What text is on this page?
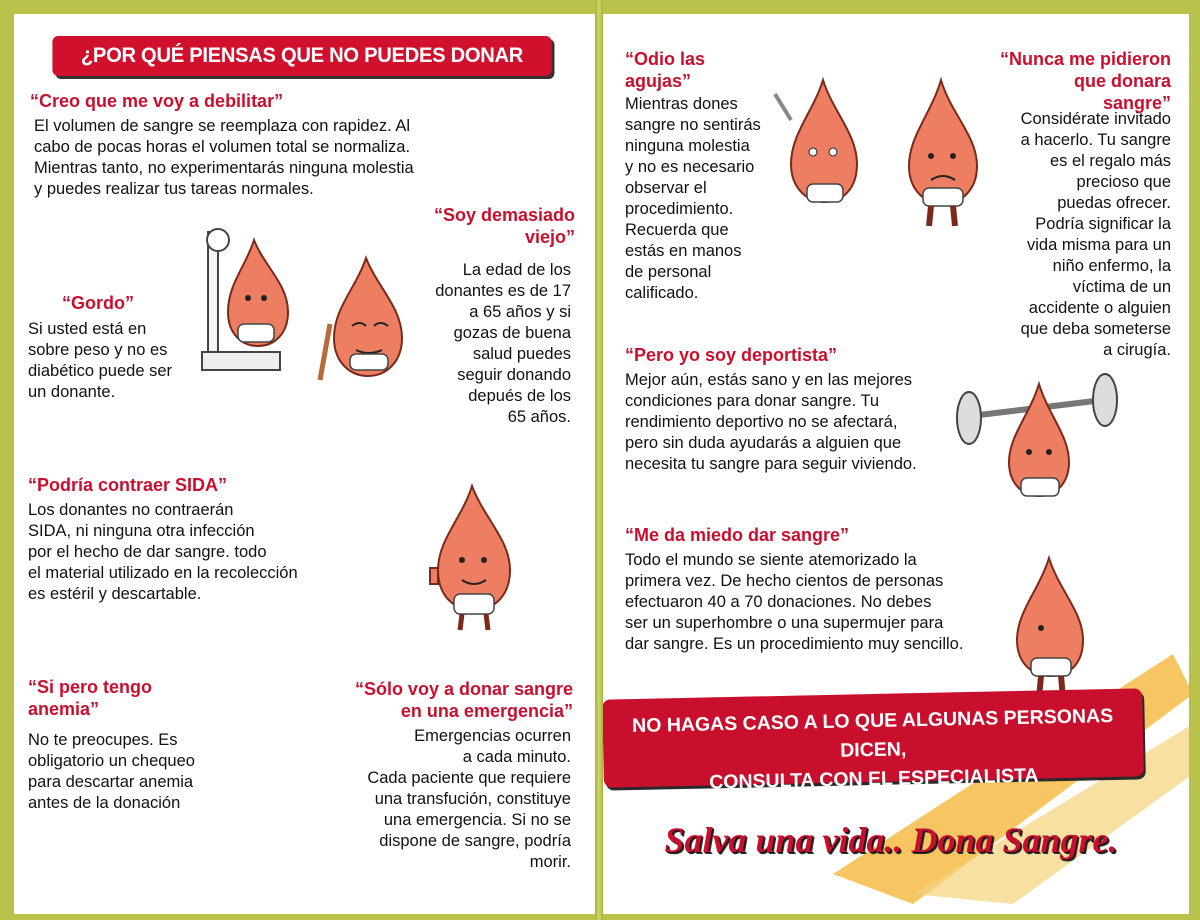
¿POR QUÉ PIENSAS QUE NO PUEDES DONAR SANGRE?
“Creo que me voy a debilitar”
El volumen de sangre se reemplaza con rapidez. Al
cabo de pocas horas el volumen total se normaliza.
Mientras tanto, no experimentarás ninguna molestia
y puedes realizar tus tareas normales.
“Soy demasiado
viejo”
La edad de los
donantes es de 17
a 65 años y si
gozas de buena
salud puedes
seguir donando
depués de los
65 años.
“Gordo”
Si usted está en
sobre peso y no es
diabético puede ser
un donante.
“Podría contraer SIDA”
Los donantes no contraerán
SIDA, ni ninguna otra infección
por el hecho de dar sangre. todo
el material utilizado en la recolección
es estéril y descartable.
“Si pero tengo
anemia”
No te preocupes. Es
obligatorio un chequeo
para descartar anemia
antes de la donación
“Sólo voy a donar sangre
en una emergencia”
Emergencias ocurren
a cada minuto.
Cada paciente que requiere
una transfución, constituye
una emergencia. Si no se
dispone de sangre, podría
morir.
“Odio las
agujas”
Mientras dones
sangre no sentirás
ninguna molestia
y no es necesario
observar el
procedimiento.
Recuerda que
estás en manos
de personal
calificado.
“Nunca me pidieron
que donara
sangre”
Considérate invitado
a hacerlo. Tu sangre
es el regalo más
precioso que
puedas ofrecer.
Podría significar la
vida misma para un
niño enfermo, la
víctima de un
accidente o alguien
que deba someterse
a cirugía.
“Pero yo soy deportista”
Mejor aún, estás sano y en las mejores
condiciones para donar sangre. Tu
rendimiento deportivo no se afectará,
pero sin duda ayudarás a alguien que
necesita tu sangre para seguir viviendo.
“Me da miedo dar sangre”
Todo el mundo se siente atemorizado la
primera vez. De hecho cientos de personas
efectuaron 40 a 70 donaciones. No debes
ser un superhombre o una supermujer para
dar sangre. Es un procedimiento muy sencillo.
NO HAGAS CASO A LO QUE ALGUNAS PERSONAS DICEN,
CONSULTA CON EL ESPECIALISTA
Salva una vida.. Dona Sangre.
